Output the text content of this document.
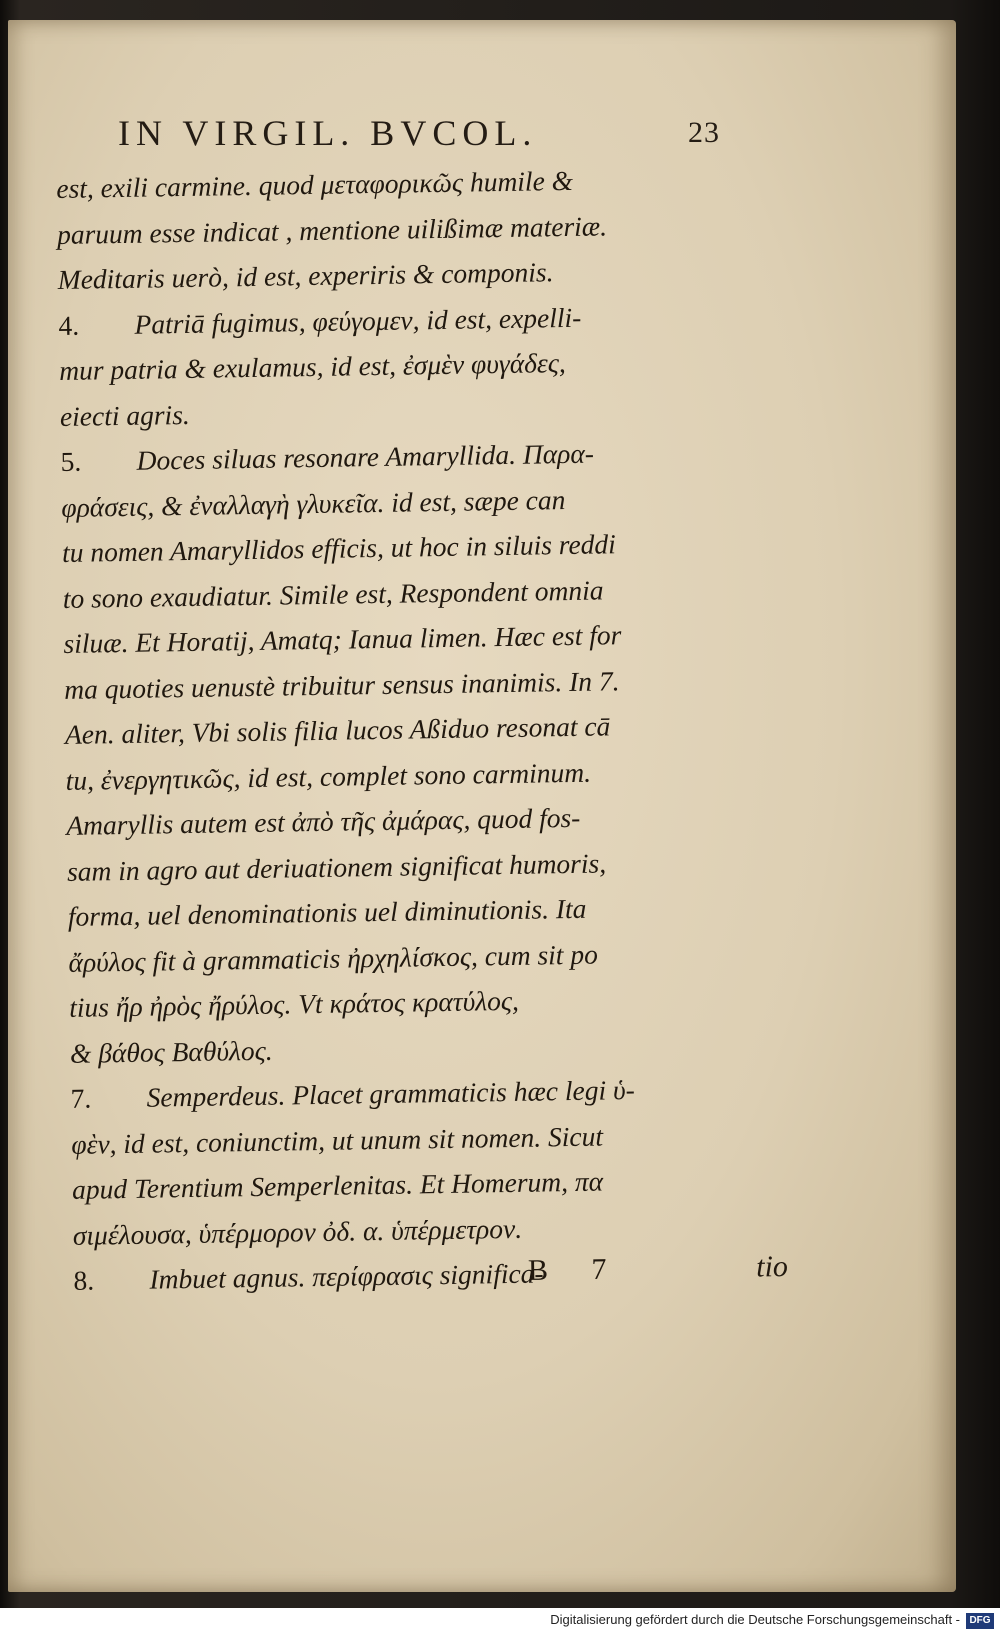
IN VIRGIL. BVCOL.	23
est, exili carmine. quod μεταφορικῶς humile &
paruum esse indicat , mentione uilißimæ materiæ.
Meditaris uerò, id est, experiris & componis.
4. Patriā fugimus, φεύγομεν, id est, expelli-
mur patria & exulamus, id est, ἐσμὲν φυγάδες,
eiecti agris.
5. Doces siluas resonare Amaryllida. Παρα-
φράσεις, & ἐναλλαγὴ γλυκεῖα. id est, sæpe can
tu nomen Amaryllidos efficis, ut hoc in siluis reddi
to sono exaudiatur. Simile est, Respondent omnia
siluæ. Et Horatij, Amatq; Ianua limen. Hæc est for
ma quoties uenustè tribuitur sensus inanimis. In 7.
Aen. aliter, Vbi solis filia lucos Aßiduo resonat cā
tu, ἐνεργητικῶς, id est, complet sono carminum.
Amaryllis autem est ἀπὸ τῆς ἀμάρας, quod fos-
sam in agro aut deriuationem significat humoris,
forma, uel denominationis uel diminutionis. Ita
ἄρύλος fit à grammaticis ἠρχηλίσκος, cum sit po
tius ἤρ ἠρὸς ἤρύλος. Vt κράτος κρατύλος,
& βάθος Βαθύλος.
7. Semperdeus. Placet grammaticis hæc legi ὑ-
φὲν, id est, coniunctim, ut unum sit nomen. Sicut
apud Terentium Semperlenitas. Et Homerum, πα
σιμέλουσα, ὑπέρμορον ὀδ. α. ὑπέρμετρον.
8. Imbuet agnus. περίφρασις significa-
B 7	tio
Digitalisierung gefördert durch die Deutsche Forschungsgemeinschaft - DFG
